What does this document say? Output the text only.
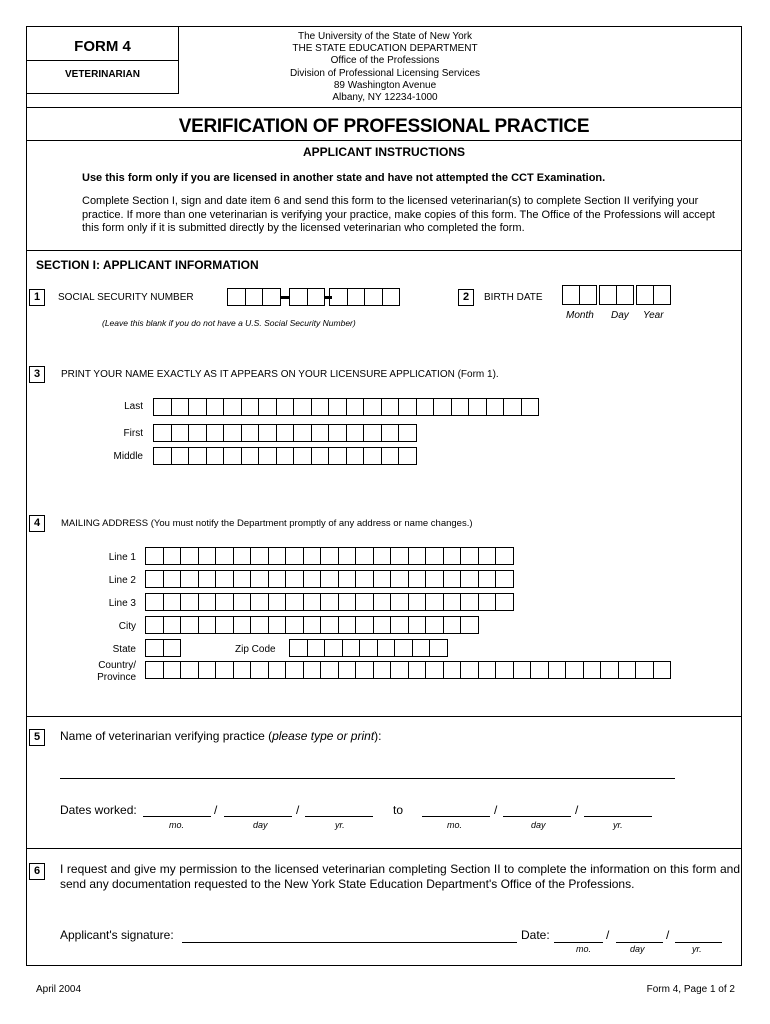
FORM 4
VETERINARIAN
The University of the State of New York
THE STATE EDUCATION DEPARTMENT
Office of the Professions
Division of Professional Licensing Services
89 Washington Avenue
Albany, NY 12234-1000
VERIFICATION OF PROFESSIONAL PRACTICE
APPLICANT INSTRUCTIONS
Use this form only if you are licensed in another state and have not attempted the CCT Examination.
Complete Section I, sign and date item 6 and send this form to the licensed veterinarian(s) to complete Section II verifying your practice. If more than one veterinarian is verifying your practice, make copies of this form. The Office of the Professions will accept this form only if it is submitted directly by the licensed veterinarian who completed the form.
SECTION I: APPLICANT INFORMATION
1	SOCIAL SECURITY NUMBER
(Leave this blank if you do not have a U.S. Social Security Number)
2	BIRTH DATE
Month Day Year
3	PRINT YOUR NAME EXACTLY AS IT APPEARS ON YOUR LICENSURE APPLICATION (Form 1).
Last
First
Middle
4	MAILING ADDRESS (You must notify the Department promptly of any address or name changes.)
Line 1
Line 2
Line 3
City
State	Zip Code
Country/
Province
5	Name of veterinarian verifying practice (please type or print):
Dates worked:	/	/	to	/	/
mo.	day	yr.	mo.	day	yr.
6	I request and give my permission to the licensed veterinarian completing Section II to complete the information on this form and send any documentation requested to the New York State Education Department's Office of the Professions.
Applicant's signature:	Date:	/	/
mo.	day	yr.
April 2004	Form 4, Page 1 of 2
